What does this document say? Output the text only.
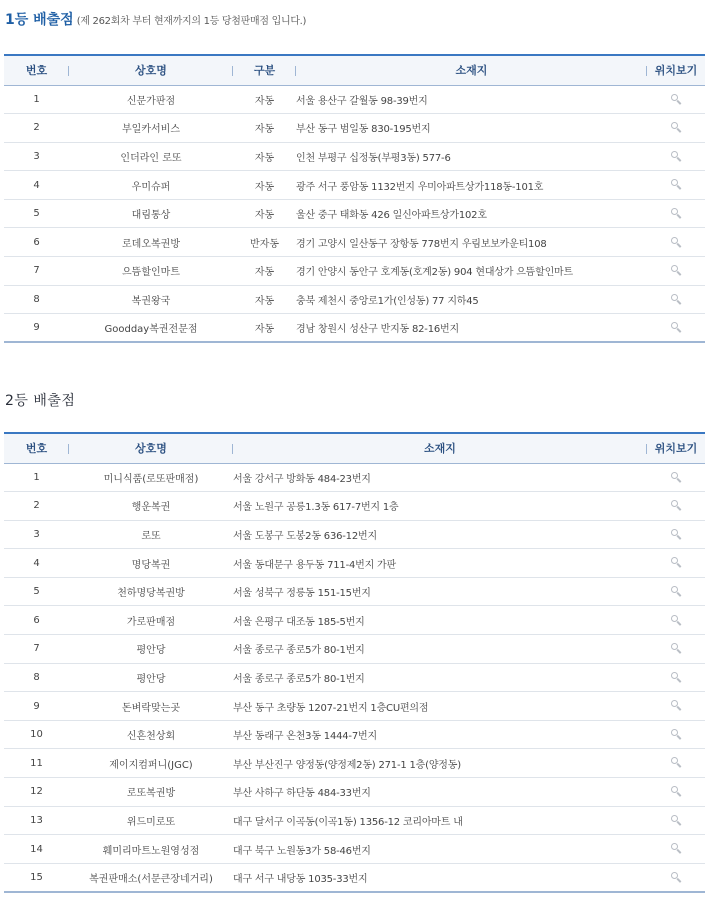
1등 배출점 (제 262회차 부터 현재까지의 1등 당첨판매점 입니다.)
번호	상호명	구분	소재지	위치보기
1	신문가판점	자동	서울 용산구 갈월동 98-39번지	
2	부일카서비스	자동	부산 동구 범일동 830-195번지	
3	인더라인 로또	자동	인천 부평구 십정동(부평3동) 577-6	
4	우미슈퍼	자동	광주 서구 풍암동 1132번지 우미아파트상가118동-101호	
5	대림통상	자동	울산 중구 태화동 426 일신아파트상가102호	
6	로데오복권방	반자동	경기 고양시 일산동구 장항동 778번지 우림보보카운티108	
7	으뜸할인마트	자동	경기 안양시 동안구 호계동(호계2동) 904 현대상가 으뜸할인마트	
8	복권왕국	자동	충북 제천시 중앙로1가(인성동) 77 지하45	
9	Goodday복권전문점	자동	경남 창원시 성산구 반지동 82-16번지	
2등 배출점
번호	상호명	소재지	위치보기
1	미니식품(로또판매점)	서울 강서구 방화동 484-23번지	
2	행운복권	서울 노원구 공릉1.3동 617-7번지 1층	
3	로또	서울 도봉구 도봉2동 636-12번지	
4	명당복권	서울 동대문구 용두동 711-4번지 가판	
5	천하명당복권방	서울 성북구 정릉동 151-15번지	
6	가로판매점	서울 은평구 대조동 185-5번지	
7	평안당	서울 종로구 종로5가 80-1번지	
8	평안당	서울 종로구 종로5가 80-1번지	
9	돈벼락맞는곳	부산 동구 초량동 1207-21번지 1층CU편의점	
10	신흔천상회	부산 동래구 온천3동 1444-7번지	
11	제이지컴퍼니(JGC)	부산 부산진구 양정동(양정제2동) 271-1 1층(양정동)	
12	로또복권방	부산 사하구 하단동 484-33번지	
13	위드미로또	대구 달서구 이곡동(이곡1동) 1356-12 코리아마트 내	
14	훼미리마트노원영성점	대구 북구 노원동3가 58-46번지	
15	복권판매소(서문큰장네거리)	대구 서구 내당동 1035-33번지	
